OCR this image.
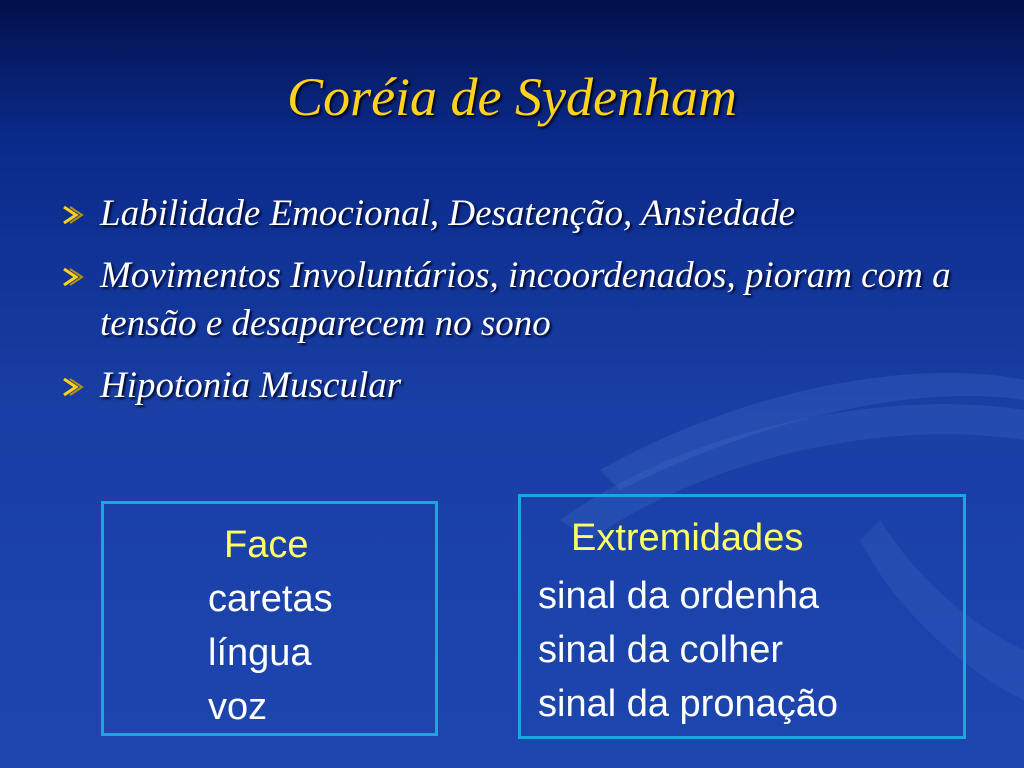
Coréia de Sydenham
Labilidade Emocional, Desatenção, Ansiedade
Movimentos Involuntários, incoordenados, pioram com a tensão e desaparecem no sono
Hipotonia Muscular
Face
caretas
língua
voz
Extremidades
sinal da ordenha
sinal da colher
sinal da pronação
